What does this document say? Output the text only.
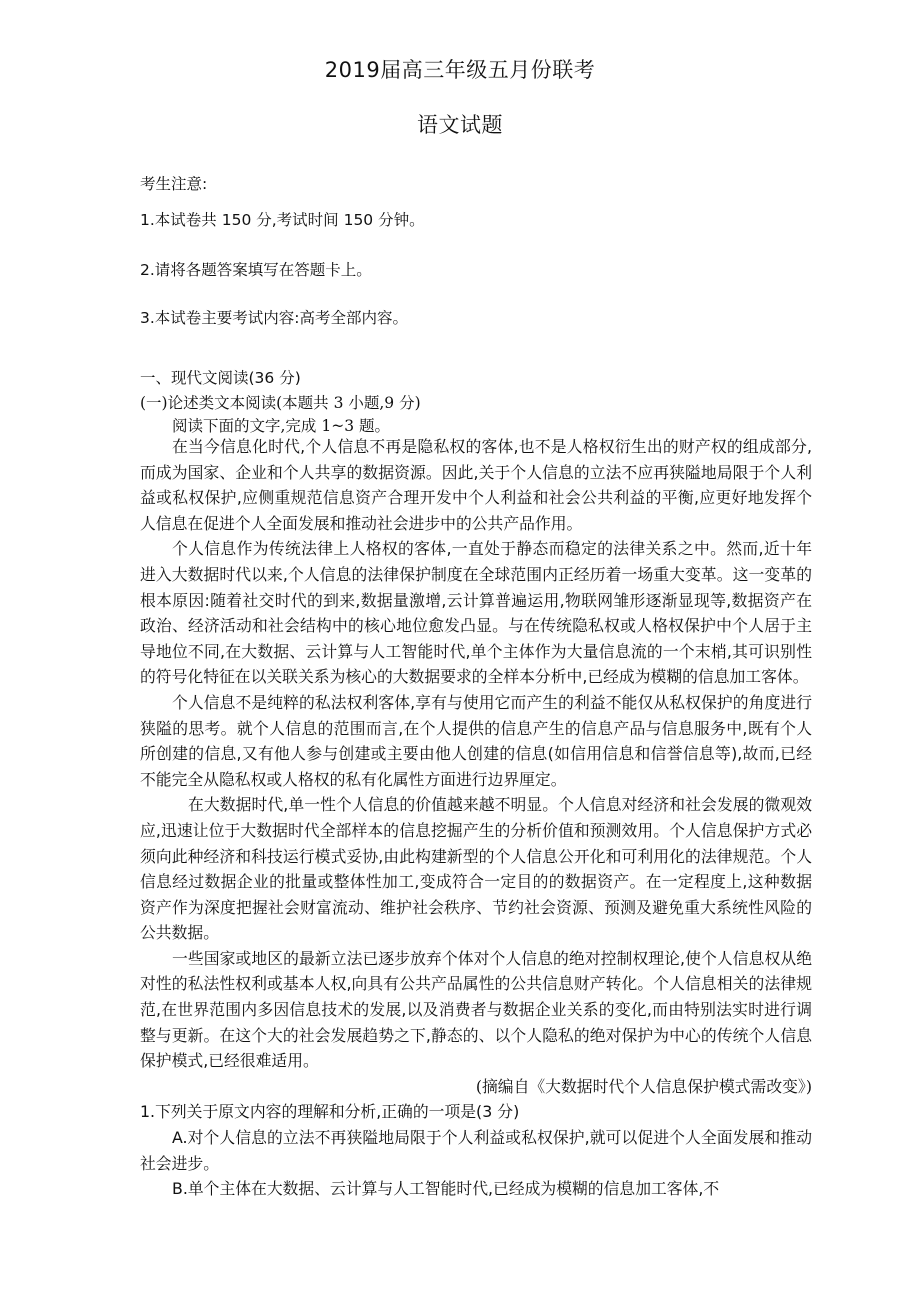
2019届高三年级五月份联考
语文试题
考生注意:
1.本试卷共 150 分,考试时间 150 分钟。
2.请将各题答案填写在答题卡上。
3.本试卷主要考试内容:高考全部内容。
一、现代文阅读(36 分)
(一)论述类文本阅读(本题共 3 小题,9 分)
阅读下面的文字,完成 1~3 题。

在当今信息化时代,个人信息不再是隐私权的客体,也不是人格权衍生出的财产权的组成部分,而成为国家、企业和个人共享的数据资源。因此,关于个人信息的立法不应再狭隘地局限于个人利益或私权保护,应侧重规范信息资产合理开发中个人利益和社会公共利益的平衡,应更好地发挥个人信息在促进个人全面发展和推动社会进步中的公共产品作用。

个人信息作为传统法律上人格权的客体,一直处于静态而稳定的法律关系之中。然而,近十年进入大数据时代以来,个人信息的法律保护制度在全球范围内正经历着一场重大变革。这一变革的根本原因:随着社交时代的到来,数据量激增,云计算普遍运用,物联网雏形逐渐显现等,数据资产在政治、经济活动和社会结构中的核心地位愈发凸显。与在传统隐私权或人格权保护中个人居于主导地位不同,在大数据、云计算与人工智能时代,单个主体作为大量信息流的一个末梢,其可识别性的符号化特征在以关联关系为核心的大数据要求的全样本分析中,已经成为模糊的信息加工客体。

个人信息不是纯粹的私法权利客体,享有与使用它而产生的利益不能仅从私权保护的角度进行狭隘的思考。就个人信息的范围而言,在个人提供的信息产生的信息产品与信息服务中,既有个人所创建的信息,又有他人参与创建或主要由他人创建的信息(如信用信息和信誉信息等),故而,已经不能完全从隐私权或人格权的私有化属性方面进行边界厘定。

在大数据时代,单一性个人信息的价值越来越不明显。个人信息对经济和社会发展的微观效应,迅速让位于大数据时代全部样本的信息挖掘产生的分析价值和预测效用。个人信息保护方式必须向此种经济和科技运行模式妥协,由此构建新型的个人信息公开化和可利用化的法律规范。个人信息经过数据企业的批量或整体性加工,变成符合一定目的的数据资产。在一定程度上,这种数据资产作为深度把握社会财富流动、维护社会秩序、节约社会资源、预测及避免重大系统性风险的公共数据。

一些国家或地区的最新立法已逐步放弃个体对个人信息的绝对控制权理论,使个人信息权从绝对性的私法性权利或基本人权,向具有公共产品属性的公共信息财产转化。个人信息相关的法律规范,在世界范围内多因信息技术的发展,以及消费者与数据企业关系的变化,而由特别法实时进行调整与更新。在这个大的社会发展趋势之下,静态的、以个人隐私的绝对保护为中心的传统个人信息保护模式,已经很难适用。

(摘编自《大数据时代个人信息保护模式需改变》)

1.下列关于原文内容的理解和分析,正确的一项是(3 分)

A.对个人信息的立法不再狭隘地局限于个人利益或私权保护,就可以促进个人全面发展和推动社会进步。

B.单个主体在大数据、云计算与人工智能时代,已经成为模糊的信息加工客体,不
